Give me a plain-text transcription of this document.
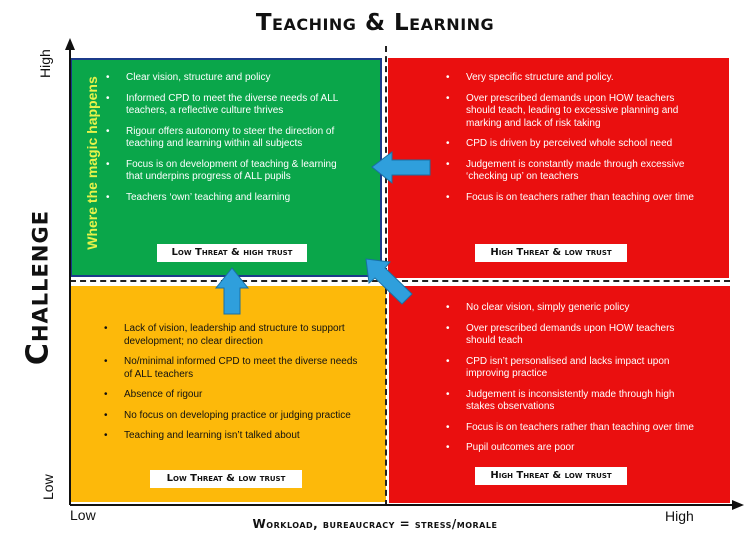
Teaching & Learning
Challenge
High
Low
Low	High
Workload, bureaucracy = stress/morale
Where the magic happens
•	Clear vision, structure and policy
• Informed CPD to meet the diverse needs of ALL teachers, a reflective culture thrives
• Rigour offers autonomy to steer the direction of teaching and learning within all subjects
• Focus is on development of teaching & learning that underpins progress of ALL pupils
• Teachers ‘own’ teaching and learning
• Very specific structure and policy.
• Over prescribed demands upon HOW teachers should teach, leading to excessive planning and marking and lack of risk taking
• CPD is driven by perceived whole school need
• Judgement is constantly made through excessive ‘checking up’ on teachers
• Focus is on teachers rather than teaching over time
• Lack of vision, leadership and structure to support development; no clear direction
• No/minimal informed CPD to meet the diverse needs of ALL teachers
• Absence of rigour
• No focus on developing practice or judging practice
• Teaching and learning isn’t talked about
• No clear vision, simply generic policy
• Over prescribed demands upon HOW teachers should teach
• CPD isn’t personalised and lacks impact upon improving practice
• Judgement is inconsistently made through high stakes observations
• Focus is on teachers rather than teaching over time
• Pupil outcomes are poor
Low Threat & high trust	High Threat & low trust
Low Threat & low trust	High Threat & low trust
